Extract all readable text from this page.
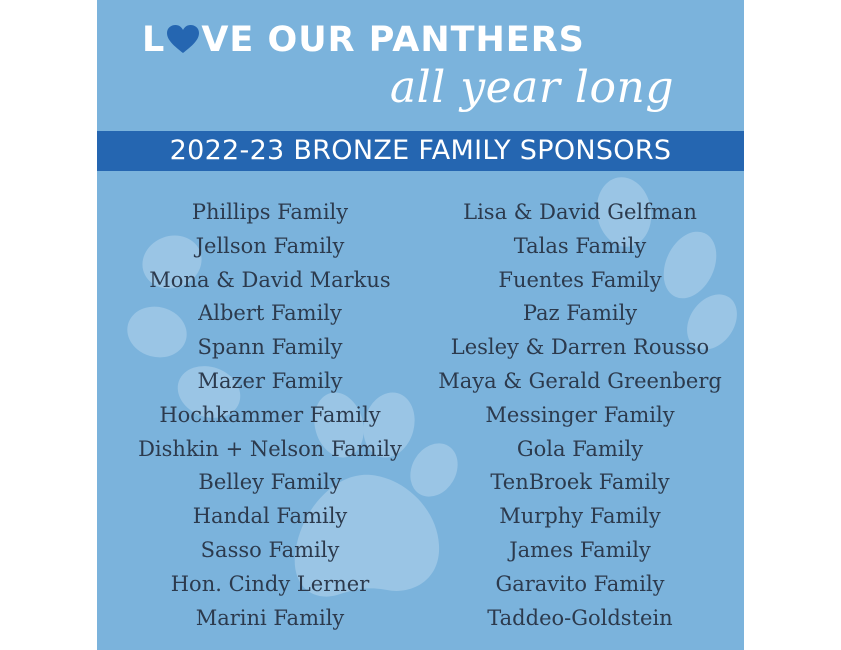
L VE OUR PANTHERS
all year long
2022-23 BRONZE FAMILY SPONSORS
Phillips Family
Jellson Family
Mona & David Markus
Albert Family
Spann Family
Mazer Family
Hochkammer Family
Dishkin + Nelson Family
Belley Family
Handal Family
Sasso Family
Hon. Cindy Lerner
Marini Family
Lisa & David Gelfman
Talas Family
Fuentes Family
Paz Family
Lesley & Darren Rousso
Maya & Gerald Greenberg
Messinger Family
Gola Family
TenBroek Family
Murphy Family
James Family
Garavito Family
Taddeo-Goldstein
